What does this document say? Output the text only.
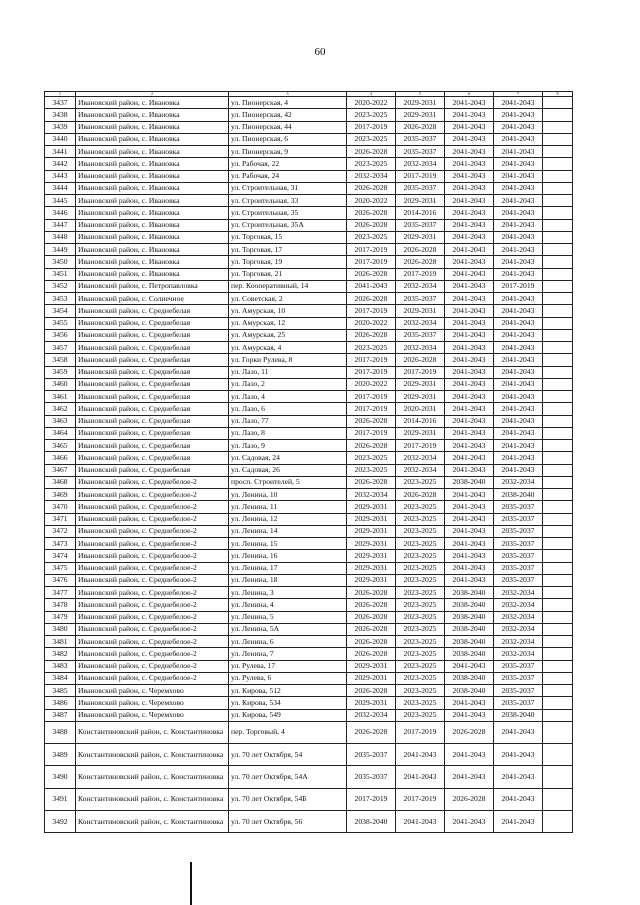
60
1	2	3	4	5	6	7	8
3437	Ивановский район, с. Ивановка	ул. Пионерская, 4	2020-2022	2029-2031	2041-2043	2041-2043	
3438	Ивановский район, с. Ивановка	ул. Пионерская, 42	2023-2025	2029-2031	2041-2043	2041-2043	
3439	Ивановский район, с. Ивановка	ул. Пионерская, 44	2017-2019	2026-2028	2041-2043	2041-2043	
3440	Ивановский район, с. Ивановка	ул. Пионерская, 6	2023-2025	2035-2037	2041-2043	2041-2043	
3441	Ивановский район, с. Ивановка	ул. Пионерская, 9	2026-2028	2035-2037	2041-2043	2041-2043	
3442	Ивановский район, с. Ивановка	ул. Рабочая, 22	2023-2025	2032-2034	2041-2043	2041-2043	
3443	Ивановский район, с. Ивановка	ул. Рабочая, 24	2032-2034	2017-2019	2041-2043	2041-2043	
3444	Ивановский район, с. Ивановка	ул. Строительная, 31	2026-2028	2035-2037	2041-2043	2041-2043	
3445	Ивановский район, с. Ивановка	ул. Строительная, 33	2020-2022	2029-2031	2041-2043	2041-2043	
3446	Ивановский район, с. Ивановка	ул. Строительная, 35	2026-2028	2014-2016	2041-2043	2041-2043	
3447	Ивановский район, с. Ивановка	ул. Строительная, 35А	2026-2028	2035-2037	2041-2043	2041-2043	
3448	Ивановский район, с. Ивановка	ул. Торговая, 15	2023-2025	2029-2031	2041-2043	2041-2043	
3449	Ивановский район, с. Ивановка	ул. Торговая, 17	2017-2019	2026-2028	2041-2043	2041-2043	
3450	Ивановский район, с. Ивановка	ул. Торговая, 19	2017-2019	2026-2028	2041-2043	2041-2043	
3451	Ивановский район, с. Ивановка	ул. Торговая, 21	2026-2028	2017-2019	2041-2043	2041-2043	
3452	Ивановский район, с. Петропавловка	пер. Кооперативный, 14	2041-2043	2032-2034	2041-2043	2017-2019	
3453	Ивановский район, с. Солнечное	ул. Советская, 2	2026-2028	2035-2037	2041-2043	2041-2043	
3454	Ивановский район, с. Среднебелая	ул. Амурская, 10	2017-2019	2029-2031	2041-2043	2041-2043	
3455	Ивановский район, с. Среднебелая	ул. Амурская, 12	2020-2022	2032-2034	2041-2043	2041-2043	
3456	Ивановский район, с. Среднебелая	ул. Амурская, 25	2026-2028	2035-2037	2041-2043	2041-2043	
3457	Ивановский район, с. Среднебелая	ул. Амурская, 4	2023-2025	2032-2034	2041-2043	2041-2043	
3458	Ивановский район, с. Среднебелая	ул. Горки Рулева, 8	2017-2019	2026-2028	2041-2043	2041-2043	
3459	Ивановский район, с. Среднебелая	ул. Лазо, 11	2017-2019	2017-2019	2041-2043	2041-2043	
3460	Ивановский район, с. Среднебелая	ул. Лазо, 2	2020-2022	2029-2031	2041-2043	2041-2043	
3461	Ивановский район, с. Среднебелая	ул. Лазо, 4	2017-2019	2029-2031	2041-2043	2041-2043	
3462	Ивановский район, с. Среднебелая	ул. Лазо, 6	2017-2019	2020-2031	2041-2043	2041-2043	
3463	Ивановский район, с. Среднебелая	ул. Лазо, 77	2026-2028	2014-2016	2041-2043	2041-2043	
3464	Ивановский район, с. Среднебелая	ул. Лазо, 8	2017-2019	2029-2031	2041-2043	2041-2043	
3465	Ивановский район, с. Среднебелая	ул. Лазо, 9	2026-2028	2017-2019	2041-2043	2041-2043	
3466	Ивановский район, с. Среднебелая	ул. Садовая, 24	2023-2025	2032-2034	2041-2043	2041-2043	
3467	Ивановский район, с. Среднебелая	ул. Садовая, 26	2023-2025	2032-2034	2041-2043	2041-2043	
3468	Ивановский район, с. Среднебелое-2	просп. Строителей, 5	2026-2028	2023-2025	2038-2040	2032-2034	
3469	Ивановский район, с. Среднебелое-2	ул. Ленина, 10	2032-2034	2026-2028	2041-2043	2038-2040	
3470	Ивановский район, с. Среднебелое-2	ул. Ленина, 11	2029-2031	2023-2025	2041-2043	2035-2037	
3471	Ивановский район, с. Среднебелое-2	ул. Ленина, 12	2029-2031	2023-2025	2041-2043	2035-2037	
3472	Ивановский район, с. Среднебелое-2	ул. Ленина, 14	2029-2031	2023-2025	2041-2043	2035-2037	
3473	Ивановский район, с. Среднебелое-2	ул. Ленина, 15	2029-2031	2023-2025	2041-2043	2035-2037	
3474	Ивановский район, с. Среднебелое-2	ул. Ленина, 16	2029-2031	2023-2025	2041-2043	2035-2037	
3475	Ивановский район, с. Среднебелое-2	ул. Ленина, 17	2029-2031	2023-2025	2041-2043	2035-2037	
3476	Ивановский район, с. Среднебелое-2	ул. Ленина, 18	2029-2031	2023-2025	2041-2043	2035-2037	
3477	Ивановский район, с. Среднебелое-2	ул. Ленина, 3	2026-2028	2023-2025	2038-2040	2032-2034	
3478	Ивановский район, с. Среднебелое-2	ул. Ленина, 4	2026-2028	2023-2025	2038-2040	2032-2034	
3479	Ивановский район, с. Среднебелое-2	ул. Ленина, 5	2026-2028	2023-2025	2038-2040	2032-2034	
3480	Ивановский район, с. Среднебелое-2	ул. Ленина, 5А	2026-2028	2023-2025	2038-2040	2032-2034	
3481	Ивановский район, с. Среднебелое-2	ул. Ленина, 6	2026-2028	2023-2025	2038-2040	2032-2034	
3482	Ивановский район, с. Среднебелое-2	ул. Ленина, 7	2026-2028	2023-2025	2038-2040	2032-2034	
3483	Ивановский район, с. Среднебелое-2	ул. Рулева, 17	2029-2031	2023-2025	2041-2043	2035-2037	
3484	Ивановский район, с. Среднебелое-2	ул. Рулева, 6	2029-2031	2023-2025	2038-2040	2035-2037	
3485	Ивановский район, с. Черемхово	ул. Кирова, 512	2026-2028	2023-2025	2038-2040	2035-2037	
3486	Ивановский район, с. Черемхово	ул. Кирова, 534	2029-2031	2023-2025	2041-2043	2035-2037	
3487	Ивановский район, с. Черемхово	ул. Кирова, 549	2032-2034	2023-2025	2041-2043	2038-2040	
3488	Константиновский район, с. Константиновка	пер. Торговый, 4	2026-2028	2017-2019	2026-2028	2041-2043	
3489	Константиновский район, с. Константиновка	ул. 70 лет Октября, 54	2035-2037	2041-2043	2041-2043	2041-2043	
3490	Константиновский район, с. Константиновка	ул. 70 лет Октября, 54А	2035-2037	2041-2043	2041-2043	2041-2043	
3491	Константиновский район, с. Константиновка	ул. 70 лет Октября, 54Б	2017-2019	2017-2019	2026-2028	2041-2043	
3492	Константиновский район, с. Константиновка	ул. 70 лет Октября, 56	2038-2040	2041-2043	2041-2043	2041-2043	
